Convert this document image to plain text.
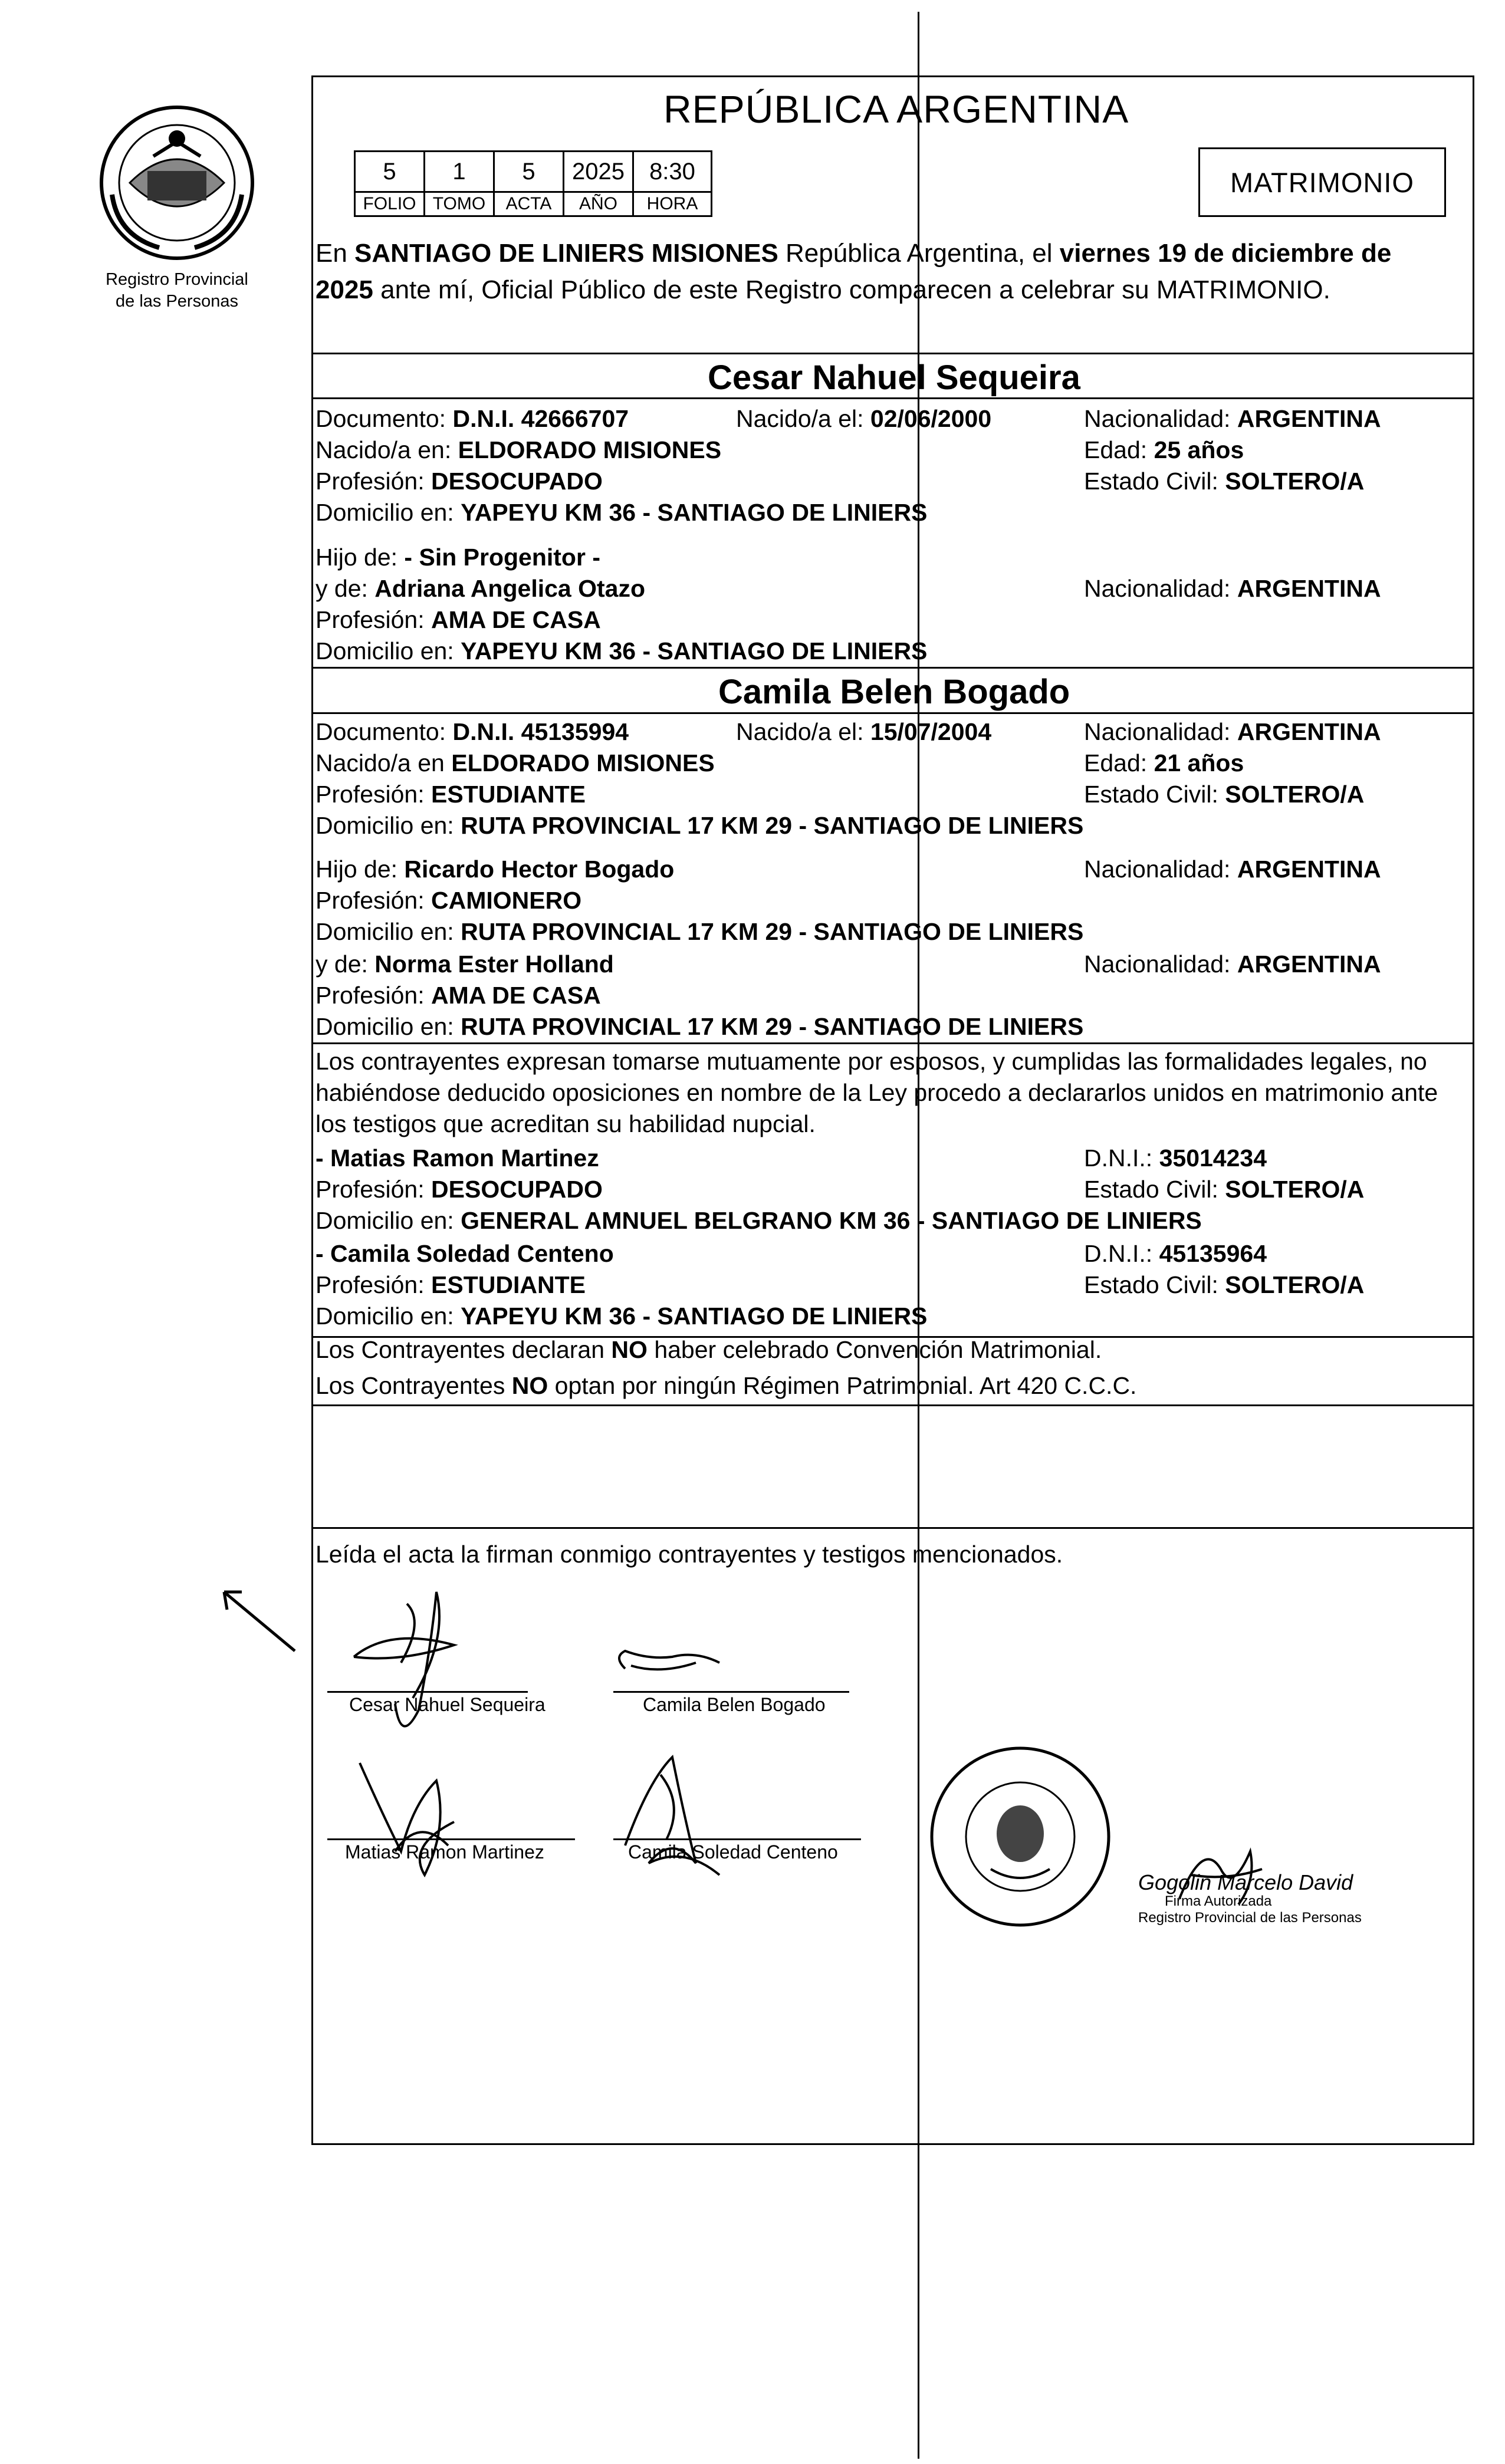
Registro Provincial
de las Personas
REPÚBLICA ARGENTINA
5	1	5	2025	8:30
FOLIO	TOMO	ACTA	AÑO	HORA
MATRIMONIO
En SANTIAGO DE LINIERS MISIONES República Argentina, el viernes 19 de diciembre de
2025 ante mí, Oficial Público de este Registro comparecen a celebrar su MATRIMONIO.
Cesar Nahuel Sequeira
Documento: D.N.I. 42666707	Nacido/a el: 02/06/2000	Nacionalidad: ARGENTINA
Nacido/a en: ELDORADO MISIONES	Edad: 25 años
Profesión: DESOCUPADO	Estado Civil: SOLTERO/A
Domicilio en: YAPEYU KM 36 - SANTIAGO DE LINIERS
Hijo de: - Sin Progenitor -
y de: Adriana Angelica Otazo	Nacionalidad: ARGENTINA
Profesión: AMA DE CASA
Domicilio en: YAPEYU KM 36 - SANTIAGO DE LINIERS
Camila Belen Bogado
Documento: D.N.I. 45135994	Nacido/a el: 15/07/2004	Nacionalidad: ARGENTINA
Nacido/a en ELDORADO MISIONES	Edad: 21 años
Profesión: ESTUDIANTE	Estado Civil: SOLTERO/A
Domicilio en: RUTA PROVINCIAL 17 KM 29 - SANTIAGO DE LINIERS
Hijo de: Ricardo Hector Bogado	Nacionalidad: ARGENTINA
Profesión: CAMIONERO
Domicilio en: RUTA PROVINCIAL 17 KM 29 - SANTIAGO DE LINIERS
y de: Norma Ester Holland	Nacionalidad: ARGENTINA
Profesión: AMA DE CASA
Domicilio en: RUTA PROVINCIAL 17 KM 29 - SANTIAGO DE LINIERS
Los contrayentes expresan tomarse mutuamente por esposos, y cumplidas las formalidades legales, no
habiéndose deducido oposiciones en nombre de la Ley procedo a declararlos unidos en matrimonio ante
los testigos que acreditan su habilidad nupcial.
- Matias Ramon Martinez	D.N.I.: 35014234
Profesión: DESOCUPADO	Estado Civil: SOLTERO/A
Domicilio en: GENERAL AMNUEL BELGRANO KM 36 - SANTIAGO DE LINIERS
- Camila Soledad Centeno	D.N.I.: 45135964
Profesión: ESTUDIANTE	Estado Civil: SOLTERO/A
Domicilio en: YAPEYU KM 36 - SANTIAGO DE LINIERS
Los Contrayentes declaran NO haber celebrado Convención Matrimonial.
Los Contrayentes NO optan por ningún Régimen Patrimonial. Art 420 C.C.C.
Leída el acta la firman conmigo contrayentes y testigos mencionados.
Cesar Nahuel Sequeira	Camila Belen Bogado
Matias Ramon Martinez	Camila Soledad Centeno
Gogolin Marcelo David
Firma Autorizada
Registro Provincial de las Personas
